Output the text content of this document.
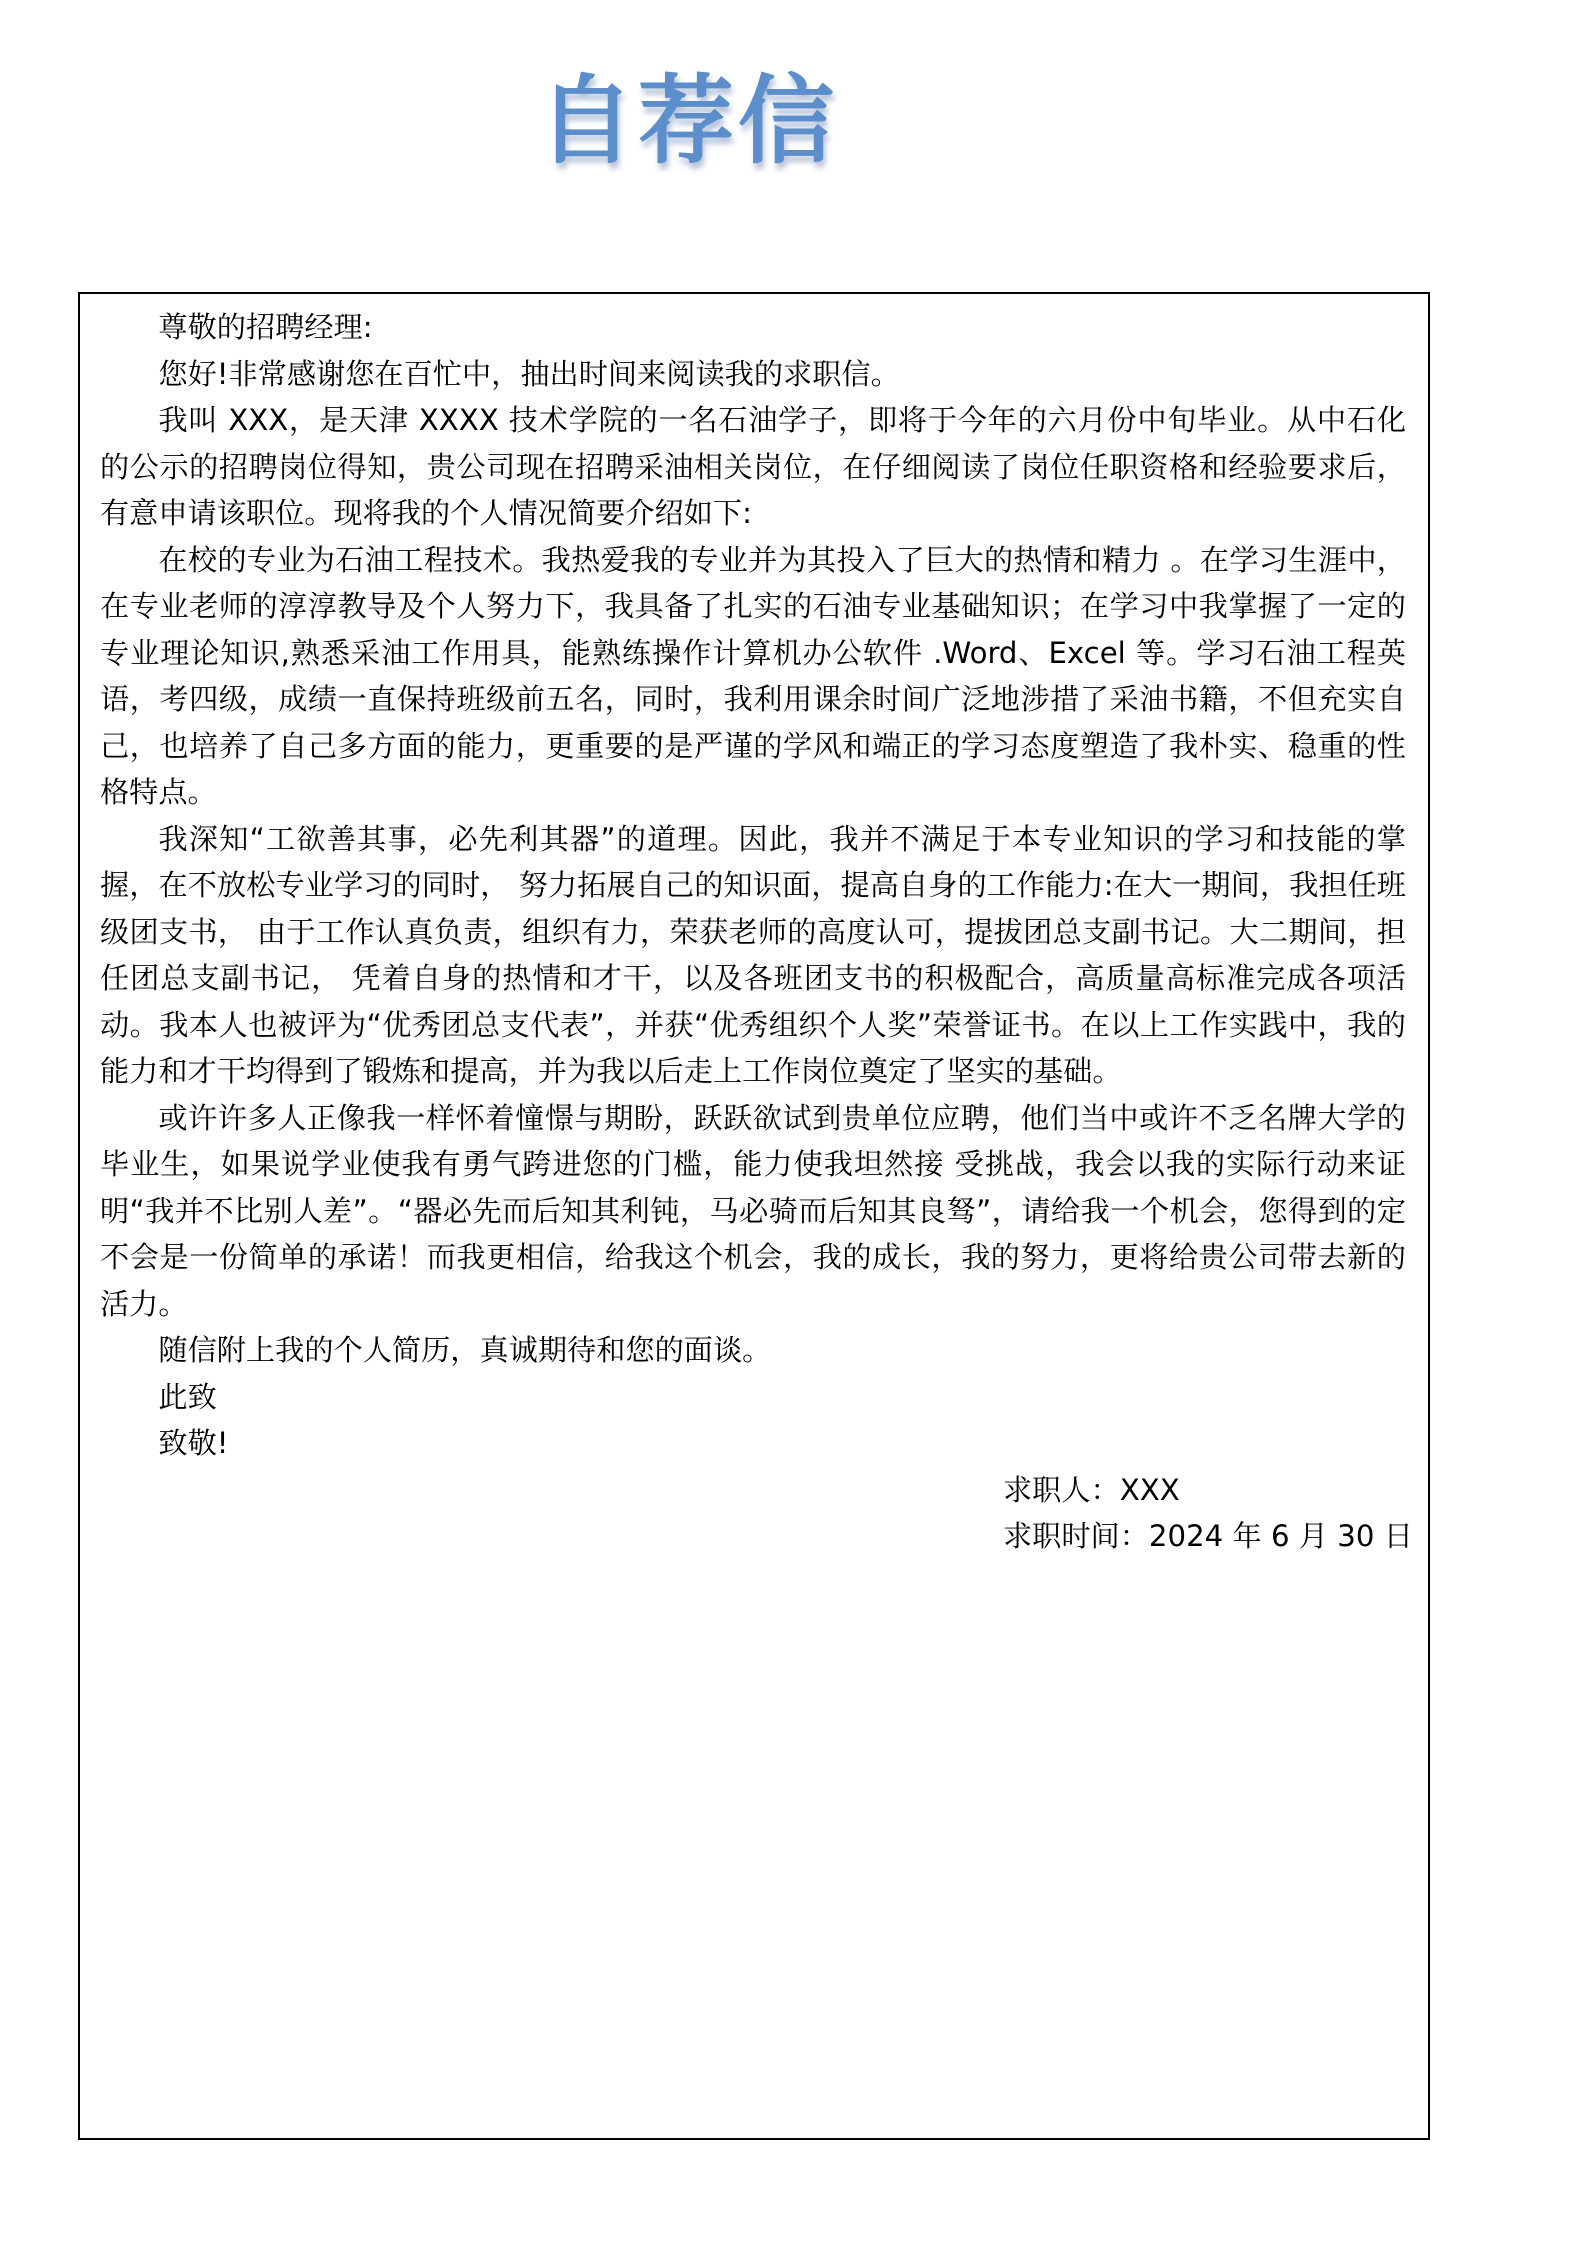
自荐信

尊敬的招聘经理:

您好!非常感谢您在百忙中，抽出时间来阅读我的求职信。

我叫 XXX，是天津 XXXX 技术学院的一名石油学子，即将于今年的六月份中旬毕业。从中石化的公示的招聘岗位得知，贵公司现在招聘采油相关岗位，在仔细阅读了岗位任职资格和经验要求后，有意申请该职位。现将我的个人情况简要介绍如下:

在校的专业为石油工程技术。我热爱我的专业并为其投入了巨大的热情和精力 。在学习生涯中，在专业老师的淳淳教导及个人努力下，我具备了扎实的石油专业基础知识；在学习中我掌握了一定的专业理论知识,熟悉采油工作用具，能熟练操作计算机办公软件 .Word、Excel 等。学习石油工程英语，考四级，成绩一直保持班级前五名，同时，我利用课余时间广泛地涉措了采油书籍，不但充实自己，也培养了自己多方面的能力，更重要的是严谨的学风和端正的学习态度塑造了我朴实、稳重的性格特点。

我深知“工欲善其事，必先利其器”的道理。因此，我并不满足于本专业知识的学习和技能的掌握，在不放松专业学习的同时， 努力拓展自己的知识面，提高自身的工作能力:在大一期间，我担任班级团支书， 由于工作认真负责，组织有力，荣获老师的高度认可，提拔团总支副书记。大二期间，担任团总支副书记， 凭着自身的热情和才干，以及各班团支书的积极配合，高质量高标准完成各项活动。我本人也被评为“优秀团总支代表”，并获“优秀组织个人奖”荣誉证书。在以上工作实践中，我的能力和才干均得到了锻炼和提高，并为我以后走上工作岗位奠定了坚实的基础。

或许许多人正像我一样怀着憧憬与期盼，跃跃欲试到贵单位应聘，他们当中或许不乏名牌大学的毕业生，如果说学业使我有勇气跨进您的门槛，能力使我坦然接 受挑战，我会以我的实际行动来证明“我并不比别人差”。“器必先而后知其利钝，马必骑而后知其良驽”，请给我一个机会，您得到的定不会是一份简单的承诺！而我更相信，给我这个机会，我的成长，我的努力，更将给贵公司带去新的活力。

随信附上我的个人简历，真诚期待和您的面谈。

此致

致敬!

求职人：XXX

求职时间：2024 年 6 月 30 日
